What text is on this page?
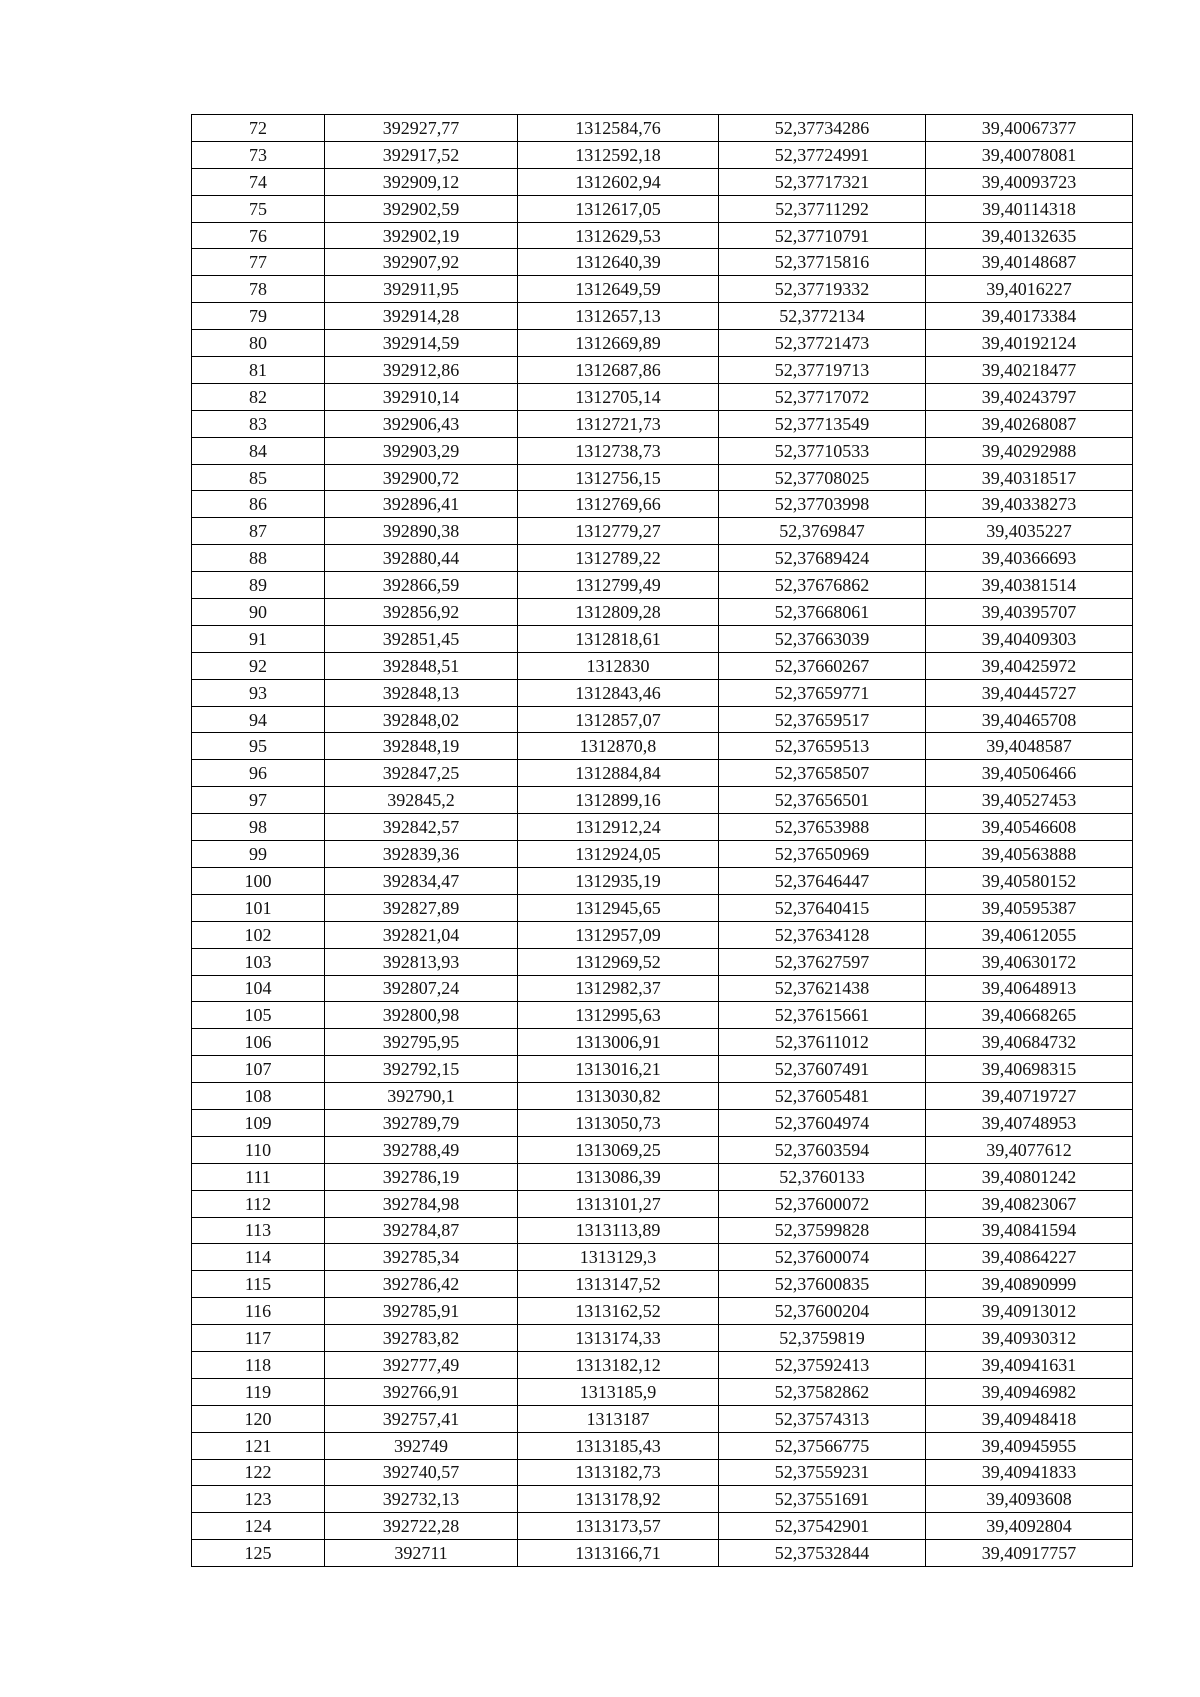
72	392927,77	1312584,76	52,37734286	39,40067377
73	392917,52	1312592,18	52,37724991	39,40078081
74	392909,12	1312602,94	52,37717321	39,40093723
75	392902,59	1312617,05	52,37711292	39,40114318
76	392902,19	1312629,53	52,37710791	39,40132635
77	392907,92	1312640,39	52,37715816	39,40148687
78	392911,95	1312649,59	52,37719332	39,4016227
79	392914,28	1312657,13	52,3772134	39,40173384
80	392914,59	1312669,89	52,37721473	39,40192124
81	392912,86	1312687,86	52,37719713	39,40218477
82	392910,14	1312705,14	52,37717072	39,40243797
83	392906,43	1312721,73	52,37713549	39,40268087
84	392903,29	1312738,73	52,37710533	39,40292988
85	392900,72	1312756,15	52,37708025	39,40318517
86	392896,41	1312769,66	52,37703998	39,40338273
87	392890,38	1312779,27	52,3769847	39,4035227
88	392880,44	1312789,22	52,37689424	39,40366693
89	392866,59	1312799,49	52,37676862	39,40381514
90	392856,92	1312809,28	52,37668061	39,40395707
91	392851,45	1312818,61	52,37663039	39,40409303
92	392848,51	1312830	52,37660267	39,40425972
93	392848,13	1312843,46	52,37659771	39,40445727
94	392848,02	1312857,07	52,37659517	39,40465708
95	392848,19	1312870,8	52,37659513	39,4048587
96	392847,25	1312884,84	52,37658507	39,40506466
97	392845,2	1312899,16	52,37656501	39,40527453
98	392842,57	1312912,24	52,37653988	39,40546608
99	392839,36	1312924,05	52,37650969	39,40563888
100	392834,47	1312935,19	52,37646447	39,40580152
101	392827,89	1312945,65	52,37640415	39,40595387
102	392821,04	1312957,09	52,37634128	39,40612055
103	392813,93	1312969,52	52,37627597	39,40630172
104	392807,24	1312982,37	52,37621438	39,40648913
105	392800,98	1312995,63	52,37615661	39,40668265
106	392795,95	1313006,91	52,37611012	39,40684732
107	392792,15	1313016,21	52,37607491	39,40698315
108	392790,1	1313030,82	52,37605481	39,40719727
109	392789,79	1313050,73	52,37604974	39,40748953
110	392788,49	1313069,25	52,37603594	39,4077612
111	392786,19	1313086,39	52,3760133	39,40801242
112	392784,98	1313101,27	52,37600072	39,40823067
113	392784,87	1313113,89	52,37599828	39,40841594
114	392785,34	1313129,3	52,37600074	39,40864227
115	392786,42	1313147,52	52,37600835	39,40890999
116	392785,91	1313162,52	52,37600204	39,40913012
117	392783,82	1313174,33	52,3759819	39,40930312
118	392777,49	1313182,12	52,37592413	39,40941631
119	392766,91	1313185,9	52,37582862	39,40946982
120	392757,41	1313187	52,37574313	39,40948418
121	392749	1313185,43	52,37566775	39,40945955
122	392740,57	1313182,73	52,37559231	39,40941833
123	392732,13	1313178,92	52,37551691	39,4093608
124	392722,28	1313173,57	52,37542901	39,4092804
125	392711	1313166,71	52,37532844	39,40917757
